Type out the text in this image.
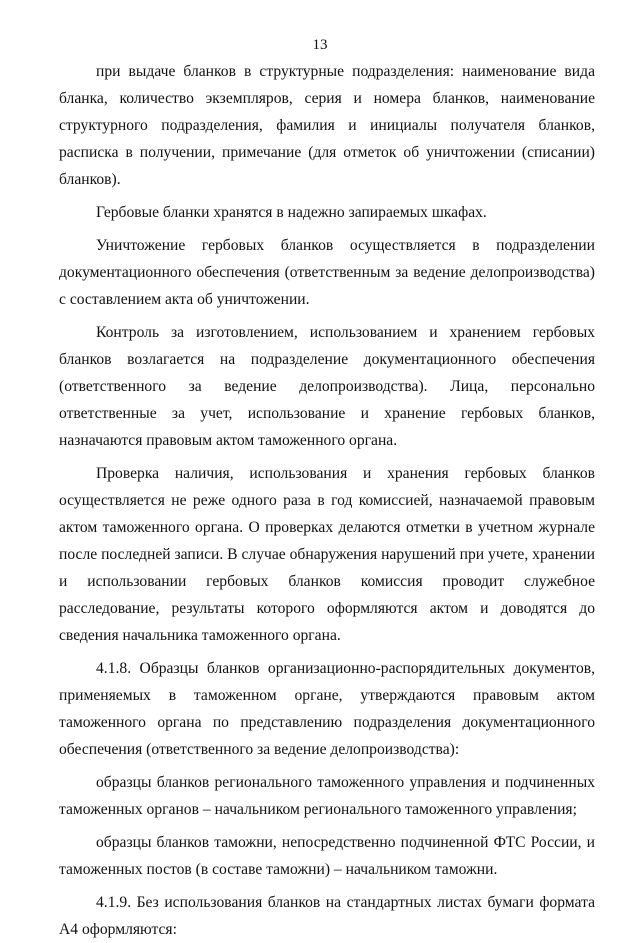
13

при выдаче бланков в структурные подразделения: наименование вида бланка, количество экземпляров, серия и номера бланков, наименование структурного подразделения, фамилия и инициалы получателя бланков, расписка в получении, примечание (для отметок об уничтожении (списании) бланков).

Гербовые бланки хранятся в надежно запираемых шкафах.

Уничтожение гербовых бланков осуществляется в подразделении документационного обеспечения (ответственным за ведение делопроизводства) с составлением акта об уничтожении.

Контроль за изготовлением, использованием и хранением гербовых бланков возлагается на подразделение документационного обеспечения (ответственного за ведение делопроизводства). Лица, персонально ответственные за учет, использование и хранение гербовых бланков, назначаются правовым актом таможенного органа.

Проверка наличия, использования и хранения гербовых бланков осуществляется не реже одного раза в год комиссией, назначаемой правовым актом таможенного органа. О проверках делаются отметки в учетном журнале после последней записи. В случае обнаружения нарушений при учете, хранении и использовании гербовых бланков комиссия проводит служебное расследование, результаты которого оформляются актом и доводятся до сведения начальника таможенного органа.

4.1.8. Образцы бланков организационно-распорядительных документов, применяемых в таможенном органе, утверждаются правовым актом таможенного органа по представлению подразделения документационного обеспечения (ответственного за ведение делопроизводства):

образцы бланков регионального таможенного управления и подчиненных таможенных органов – начальником регионального таможенного управления;

образцы бланков таможни, непосредственно подчиненной ФТС России, и таможенных постов (в составе таможни) – начальником таможни.

4.1.9. Без использования бланков на стандартных листах бумаги формата А4 оформляются:
